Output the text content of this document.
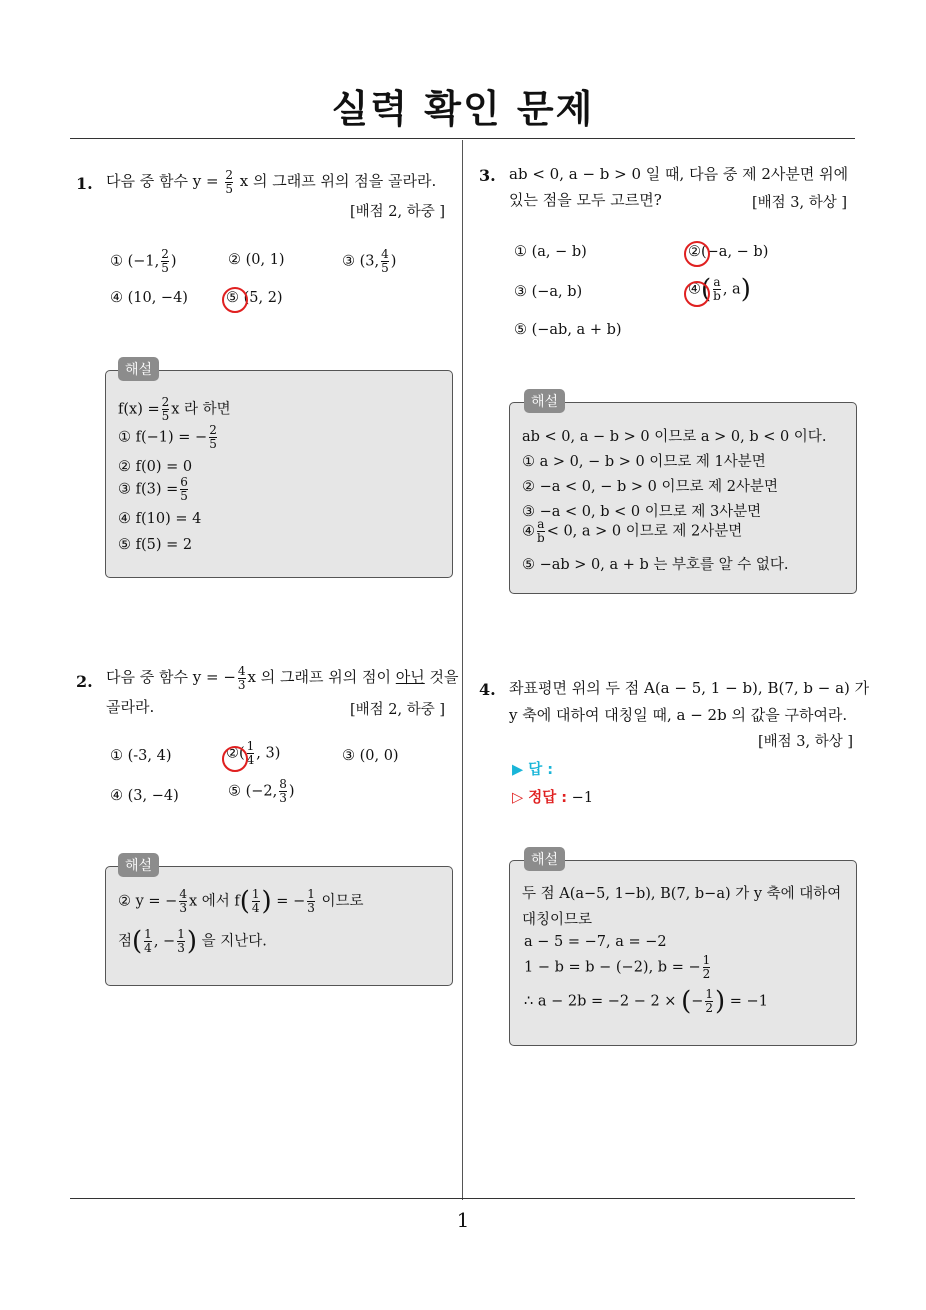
실력 확인 문제
1. 다음 중 함수 $y = \frac{2}{5}$ x 의 그래프 위의 점을 골라라.
[배점 2, 하중 ]
① (−1, $\frac{2}{5}$ )	② (0, 1)	③ (3, $\frac{4}{5}$ )
④ (10, −4)	⑤ (5, 2)
해설
$f(x) = \frac{2}{5}$ x 라 하면
① f(−1) = − $\frac{2}{5}$
② f(0) = 0
③ $f(3) = \frac{6}{5}$
④ f(10) = 4
⑤ f(5) = 2
2. 다음 중 함수 y = − $\frac{4}{3}$ x 의 그래프 위의 점이 아닌 것을
골라라.	[배점 2, 하중 ]
① (-3, 4)	②( $\frac{1}{4}$ , 3)	③ (0, 0)
④ (3, −4)	⑤ (−2, $\frac{8}{3}$ )
해설
② y = − $\frac{4}{3}$ x 에서 $f( \frac{1}{4}$ ) = − $\frac{1}{3}$ 이므로
점( $\frac{1}{4}$ , − $\frac{1}{3}$ ) 을 지난다.
3. ab < 0, a − b > 0 일 때, 다음 중 제 2사분면 위에
있는 점을 모두 고르면?	[배점 3, 하상 ]
① (a, − b)	②(−a, − b)
③ (−a, b)	④( $\frac{a}{b}$ , a)
⑤ (−ab, a + b)
해설
ab < 0, a − b > 0 이므로 a > 0, b < 0 이다.
① a > 0, − b > 0 이므로 제 1사분면
② −a < 0, − b > 0 이므로 제 2사분면
③ −a < 0, b < 0 이므로 제 3사분면
④ $\frac{a}{b} < 0$, a > 0 이므로 제 2사분면
⑤ −ab > 0, a + b 는 부호를 알 수 없다.
4. 좌표평면 위의 두 점 A(a − 5, 1 − b), B(7, b − a) 가
y 축에 대하여 대칭일 때, a − 2b 의 값을 구하여라.
[배점 3, 하상 ]
▶ 답 :
▷ 정답 : −1
해설
두 점 A(a−5, 1−b), B(7, b−a) 가 y 축에 대하여
대칭이므로
a − 5 = −7, a = −2
1 − b = b − (−2), b = − $\frac{1}{2}$
∴ a − 2b = −2 − 2 × (− $\frac{1}{2}$ ) = −1
1
